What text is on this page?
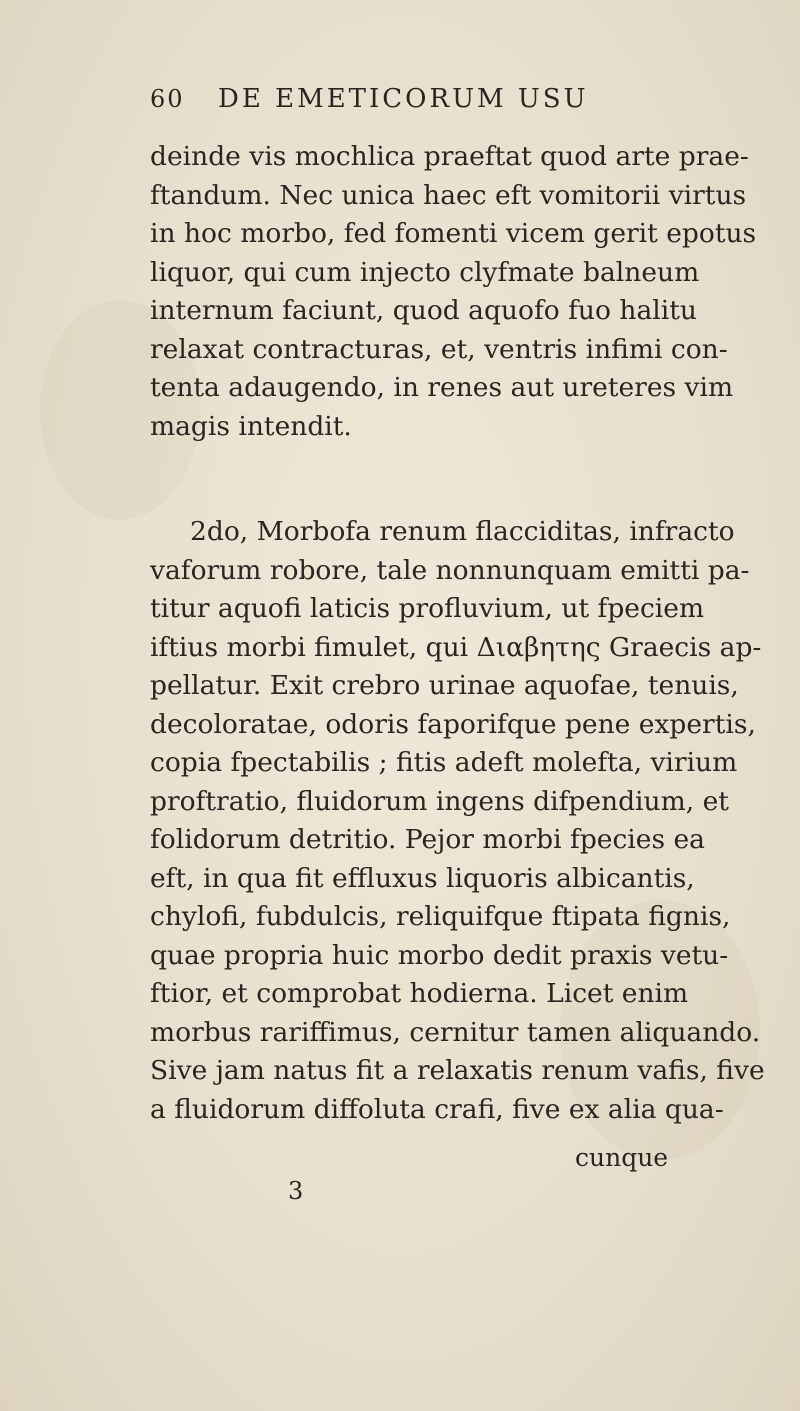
60 DE EMETICORUM USU
deinde vis mochlica praeftat quod arte prae-
ftandum. Nec unica haec eft vomitorii virtus
in hoc morbo, fed fomenti vicem gerit epotus
liquor, qui cum injecto clyfmate balneum
internum faciunt, quod aquofo fuo halitu
relaxat contracturas, et, ventris infimi con-
tenta adaugendo, in renes aut ureteres vim
magis intendit.
2do, Morbofa renum flacciditas, infracto
vaforum robore, tale nonnunquam emitti pa-
titur aquofi laticis profluvium, ut fpeciem
iftius morbi fimulet, qui Διαβητης Graecis ap-
pellatur. Exit crebro urinae aquofae, tenuis,
decoloratae, odoris faporifque pene expertis,
copia fpectabilis ; fitis adeft molefta, virium
proftratio, fluidorum ingens difpendium, et
folidorum detritio. Pejor morbi fpecies ea
eft, in qua fit effluxus liquoris albicantis,
chylofi, fubdulcis, reliquifque ftipata fignis,
quae propria huic morbo dedit praxis vetu-
ftior, et comprobat hodierna. Licet enim
morbus rariffimus, cernitur tamen aliquando.
Sive jam natus fit a relaxatis renum vafis, five
a fluidorum diffoluta crafi, five ex alia qua-
cunque
3
